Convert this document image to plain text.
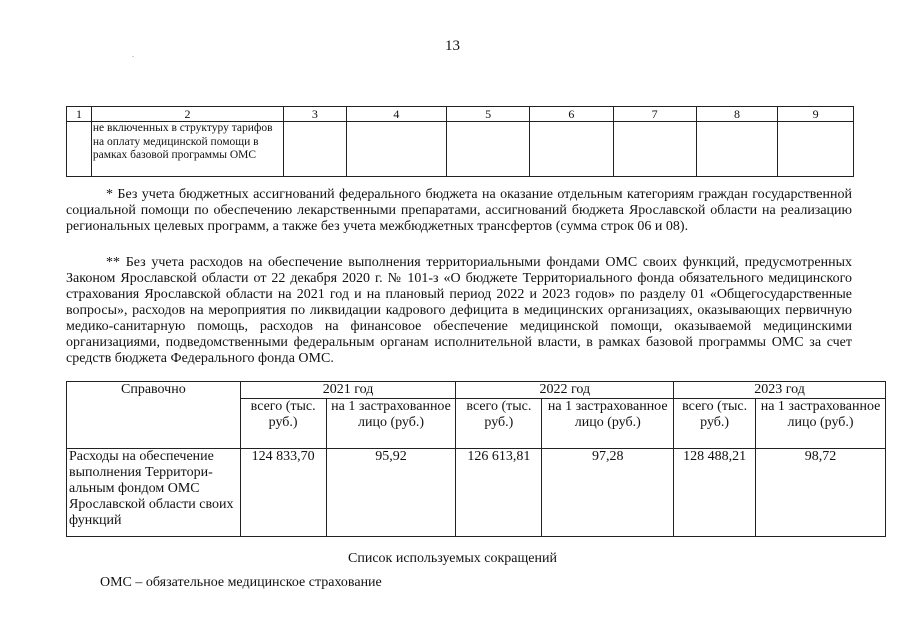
13
.
1	2	3	4	5	6	7	8	9
	не включенных в структуру тарифов на оплату медицинской помощи в рамках базовой программы ОМС							

* Без учета бюджетных ассигнований федерального бюджета на оказание отдельным категориям граждан государственной социальной помощи по обеспечению лекарственными препаратами, ассигнований бюджета Ярославской области на реализацию региональных целевых программ, а также без учета межбюджетных трансфертов (сумма строк 06 и 08).

** Без учета расходов на обеспечение выполнения территориальными фондами ОМС своих функций, предусмотренных Законом Ярославской области от 22 декабря 2020 г. № 101-з «О бюджете Территориального фонда обязательного медицинского страхования Ярославской области на 2021 год и на плановый период 2022 и 2023 годов» по разделу 01 «Общегосударственные вопросы», расходов на мероприятия по ликвидации кадрового дефицита в медицинских организациях, оказывающих первичную медико-санитарную помощь, расходов на финансовое обеспечение медицинской помощи, оказываемой медицинскими организациями, подведомственными федеральным органам исполнительной власти, в рамках базовой программы ОМС за счет средств бюджета Федерального фонда ОМС.

Справочно	2021 год		2022 год		2023 год	
	всего (тыс. руб.)	на 1 застрахованное лицо (руб.)	всего (тыс. руб.)	на 1 застрахованное лицо (руб.)	всего (тыс. руб.)	на 1 застрахованное лицо (руб.)
Расходы на обеспечение выполнения Территори-альным фондом ОМС Ярославской области своих функций	124 833,70	95,92	126 613,81	97,28	128 488,21	98,72
Список используемых сокращений
ОМС – обязательное медицинское страхование
